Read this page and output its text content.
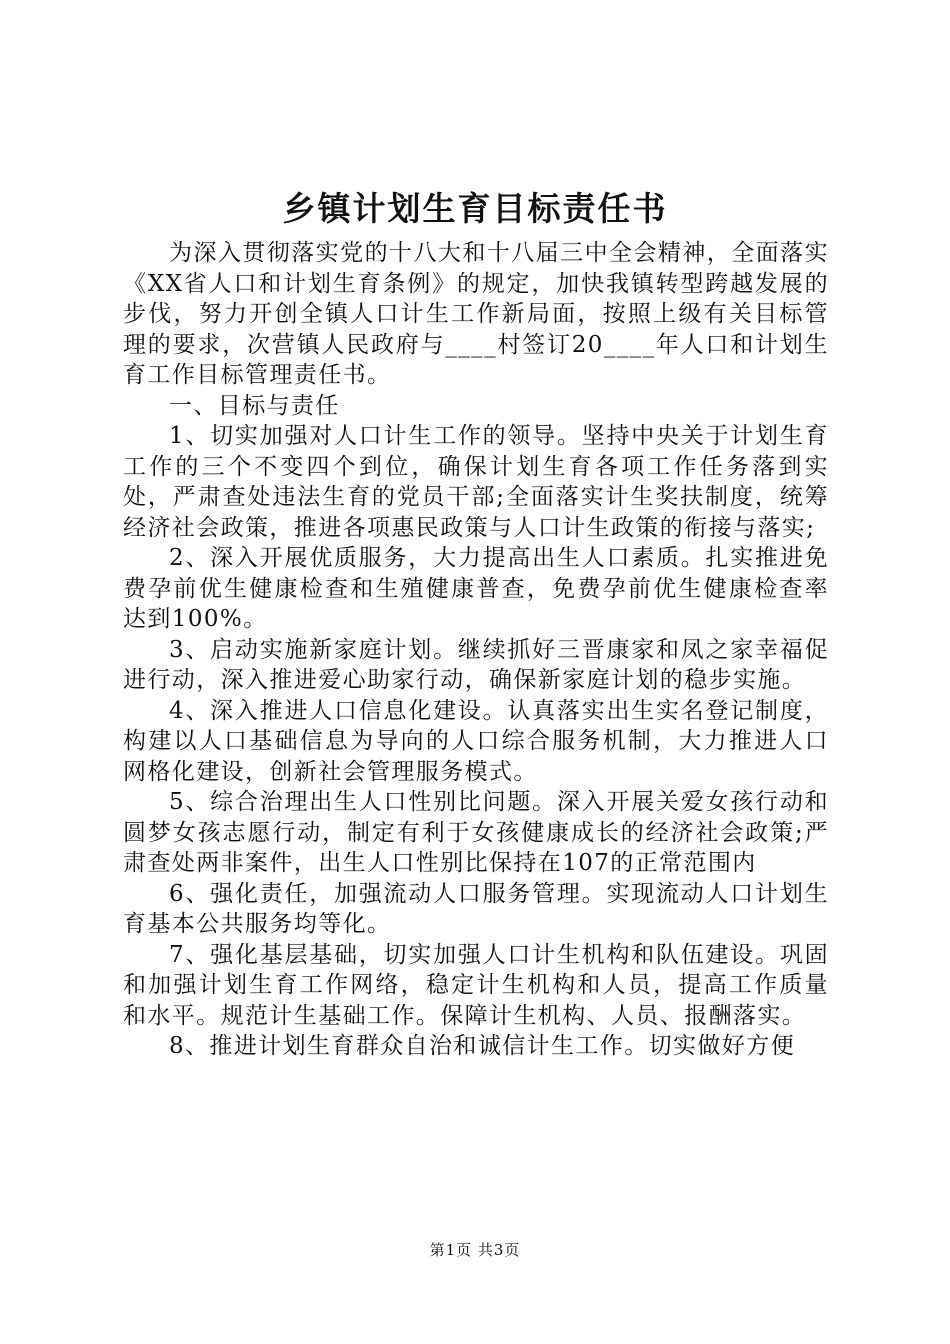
乡镇计划生育目标责任书

为深入贯彻落实党的十八大和十八届三中全会精神，全面落实《XX省人口和计划生育条例》的规定，加快我镇转型跨越发展的步伐，努力开创全镇人口计生工作新局面，按照上级有关目标管理的要求，次营镇人民政府与____村签订20____年人口和计划生育工作目标管理责任书。

一、目标与责任

1、切实加强对人口计生工作的领导。坚持中央关于计划生育工作的三个不变四个到位，确保计划生育各项工作任务落到实处，严肃查处违法生育的党员干部;全面落实计生奖扶制度，统筹经济社会政策，推进各项惠民政策与人口计生政策的衔接与落实;

2、深入开展优质服务，大力提高出生人口素质。扎实推进免费孕前优生健康检查和生殖健康普查，免费孕前优生健康检查率达到100%。

3、启动实施新家庭计划。继续抓好三晋康家和凤之家幸福促进行动，深入推进爱心助家行动，确保新家庭计划的稳步实施。

4、深入推进人口信息化建设。认真落实出生实名登记制度，构建以人口基础信息为导向的人口综合服务机制，大力推进人口网格化建设，创新社会管理服务模式。

5、综合治理出生人口性别比问题。深入开展关爱女孩行动和圆梦女孩志愿行动，制定有利于女孩健康成长的经济社会政策;严肃查处两非案件，出生人口性别比保持在107的正常范围内

6、强化责任，加强流动人口服务管理。实现流动人口计划生育基本公共服务均等化。

7、强化基层基础，切实加强人口计生机构和队伍建设。巩固和加强计划生育工作网络，稳定计生机构和人员，提高工作质量和水平。规范计生基础工作。保障计生机构、人员、报酬落实。

8、推进计划生育群众自治和诚信计生工作。切实做好方便

第1页 共3页
